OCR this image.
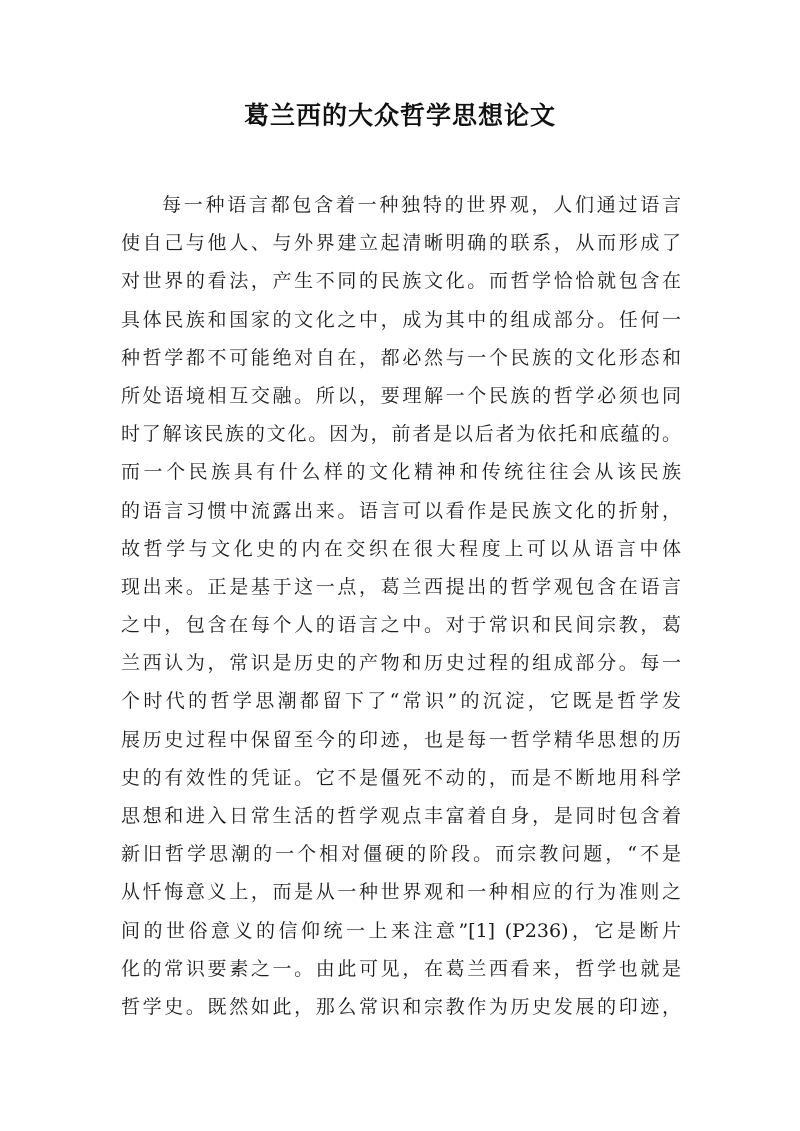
葛兰西的大众哲学思想论文
每一种语言都包含着一种独特的世界观，人们通过语言
使自己与他人、与外界建立起清晰明确的联系，从而形成了
对世界的看法，产生不同的民族文化。而哲学恰恰就包含在
具体民族和国家的文化之中，成为其中的组成部分。任何一
种哲学都不可能绝对自在，都必然与一个民族的文化形态和
所处语境相互交融。所以，要理解一个民族的哲学必须也同
时了解该民族的文化。因为，前者是以后者为依托和底蕴的。
而一个民族具有什么样的文化精神和传统往往会从该民族
的语言习惯中流露出来。语言可以看作是民族文化的折射，
故哲学与文化史的内在交织在很大程度上可以从语言中体
现出来。正是基于这一点，葛兰西提出的哲学观包含在语言
之中，包含在每个人的语言之中。对于常识和民间宗教，葛
兰西认为，常识是历史的产物和历史过程的组成部分。每一
个时代的哲学思潮都留下了“常识”的沉淀，它既是哲学发
展历史过程中保留至今的印迹，也是每一哲学精华思想的历
史的有效性的凭证。它不是僵死不动的，而是不断地用科学
思想和进入日常生活的哲学观点丰富着自身，是同时包含着
新旧哲学思潮的一个相对僵硬的阶段。而宗教问题，“不是
从忏悔意义上，而是从一种世界观和一种相应的行为准则之
间的世俗意义的信仰统一上来注意”[1] (P236)，它是断片
化的常识要素之一。由此可见，在葛兰西看来，哲学也就是
哲学史。既然如此，那么常识和宗教作为历史发展的印迹，
